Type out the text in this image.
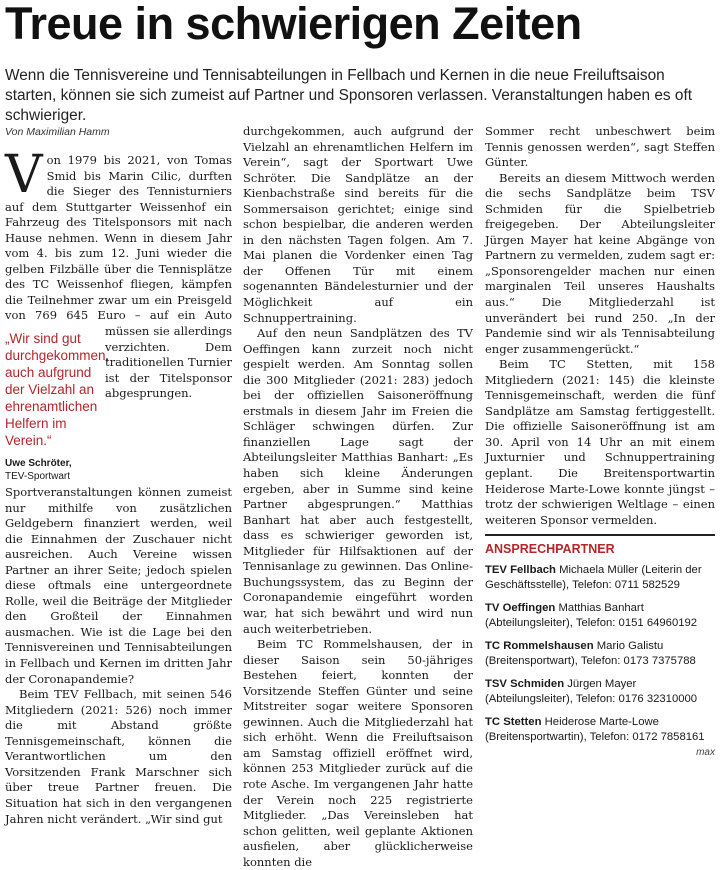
Treue in schwierigen Zeiten

Wenn die Tennisvereine und Tennisabteilungen in Fellbach und Kernen in die neue Freiluftsaison starten, können sie sich zumeist auf Partner und Sponsoren verlassen. Veranstaltungen haben es oft schwieriger.

Von Maximilian Hamm

V on 1979 bis 2021, von Tomas Smid bis Marin Cilic, durften die Sieger des Tennisturniers auf dem Stuttgarter Weissenhof ein Fahrzeug des Titelsponsors mit nach Hause nehmen. Wenn in diesem Jahr vom 4. bis zum 12. Juni wieder die gelben Filzbälle über die Tennisplätze des TC Weissenhof fliegen, kämpfen die Teilnehmer zwar um ein Preisgeld von 769 645 Euro – auf
„Wir sind gut durchgekommen, auch aufgrund der Vielzahl an ehrenamtlichen Helfern im Verein.“
Uwe Schröter,
TEV-Sportwart
ein Auto müssen sie allerdings verzichten. Dem traditionellen Turnier ist der Titelsponsor abgesprungen. Sportveranstaltungen können zumeist nur mithilfe von zusätzlichen Geldgebern finanziert werden, weil die Einnahmen der Zuschauer nicht ausreichen. Auch Vereine wissen Partner an ihrer Seite; jedoch spielen diese oftmals eine untergeordnete Rolle, weil die Beiträge der Mitglieder den Großteil der Einnahmen ausmachen. Wie ist die Lage bei den Tennisvereinen und Tennisabteilungen in Fellbach und Kernen im dritten Jahr der Coronapandemie?

Beim TEV Fellbach, mit seinen 546 Mitgliedern (2021: 526) noch immer die mit Abstand größte Tennisgemeinschaft, können die Verantwortlichen um den Vorsitzenden Frank Marschner sich über treue Partner freuen. Die Situation hat sich in den vergangenen Jahren nicht verändert. „Wir sind gut

durchgekommen, auch aufgrund der Vielzahl an ehrenamtlichen Helfern im Verein“, sagt der Sportwart Uwe Schröter. Die Sandplätze an der Kienbachstraße sind bereits für die Sommersaison gerichtet; einige sind schon bespielbar, die anderen werden in den nächsten Tagen folgen. Am 7. Mai planen die Vordenker einen Tag der Offenen Tür mit einem sogenannten Bändelesturnier und der Möglichkeit auf ein Schnuppertraining.

Auf den neun Sandplätzen des TV Oeffingen kann zurzeit noch nicht gespielt werden. Am Sonntag sollen die 300 Mitglieder (2021: 283) jedoch bei der offiziellen Saisoneröffnung erstmals in diesem Jahr im Freien die Schläger schwingen dürfen. Zur finanziellen Lage sagt der Abteilungsleiter Matthias Banhart: „Es haben sich kleine Änderungen ergeben, aber in Summe sind keine Partner abgesprungen.“ Matthias Banhart hat aber auch festgestellt, dass es schwieriger geworden ist, Mitglieder für Hilfsaktionen auf der Tennisanlage zu gewinnen. Das Online-Buchungssystem, das zu Beginn der Coronapandemie eingeführt worden war, hat sich bewährt und wird nun auch weiterbetrieben.

Beim TC Rommelshausen, der in dieser Saison sein 50-jähriges Bestehen feiert, konnten der Vorsitzende Steffen Günter und seine Mitstreiter sogar weitere Sponsoren gewinnen. Auch die Mitgliederzahl hat sich erhöht. Wenn die Freiluftsaison am Samstag offiziell eröffnet wird, können 253 Mitglieder zurück auf die rote Asche. Im vergangenen Jahr hatte der Verein noch 225 registrierte Mitglieder. „Das Vereinsleben hat schon gelitten, weil geplante Aktionen ausfielen, aber glücklicherweise konnten die

Sommer recht unbeschwert beim Tennis genossen werden“, sagt Steffen Günter.

Bereits an diesem Mittwoch werden die sechs Sandplätze beim TSV Schmiden für die Spielbetrieb freigegeben. Der Abteilungsleiter Jürgen Mayer hat keine Abgänge von Partnern zu vermelden, zudem sagt er: „Sponsorengelder machen nur einen marginalen Teil unseres Haushalts aus.“ Die Mitgliederzahl ist unverändert bei rund 250. „In der Pandemie sind wir als Tennisabteilung enger zusammengerückt.“

Beim TC Stetten, mit 158 Mitgliedern (2021: 145) die kleinste Tennisgemeinschaft, werden die fünf Sandplätze am Samstag fertiggestellt. Die offizielle Saisoneröffnung ist am 30. April von 14 Uhr an mit einem Juxturnier und Schnuppertraining geplant. Die Breitensportwartin Heiderose Marte-Lowe konnte jüngst – trotz der schwierigen Weltlage – einen weiteren Sponsor vermelden.

ANSPRECHPARTNER
TEV Fellbach Michaela Müller (Leiterin der Geschäftsstelle), Telefon: 0711 582529
TV Oeffingen Matthias Banhart (Abteilungsleiter), Telefon: 0151 64960192
TC Rommelshausen Mario Galistu (Breitensportwart), Telefon: 0173 7375788
TSV Schmiden Jürgen Mayer (Abteilungsleiter), Telefon: 0176 32310000
TC Stetten Heiderose Marte-Lowe (Breitensportwartin), Telefon: 0172 7858161
max
